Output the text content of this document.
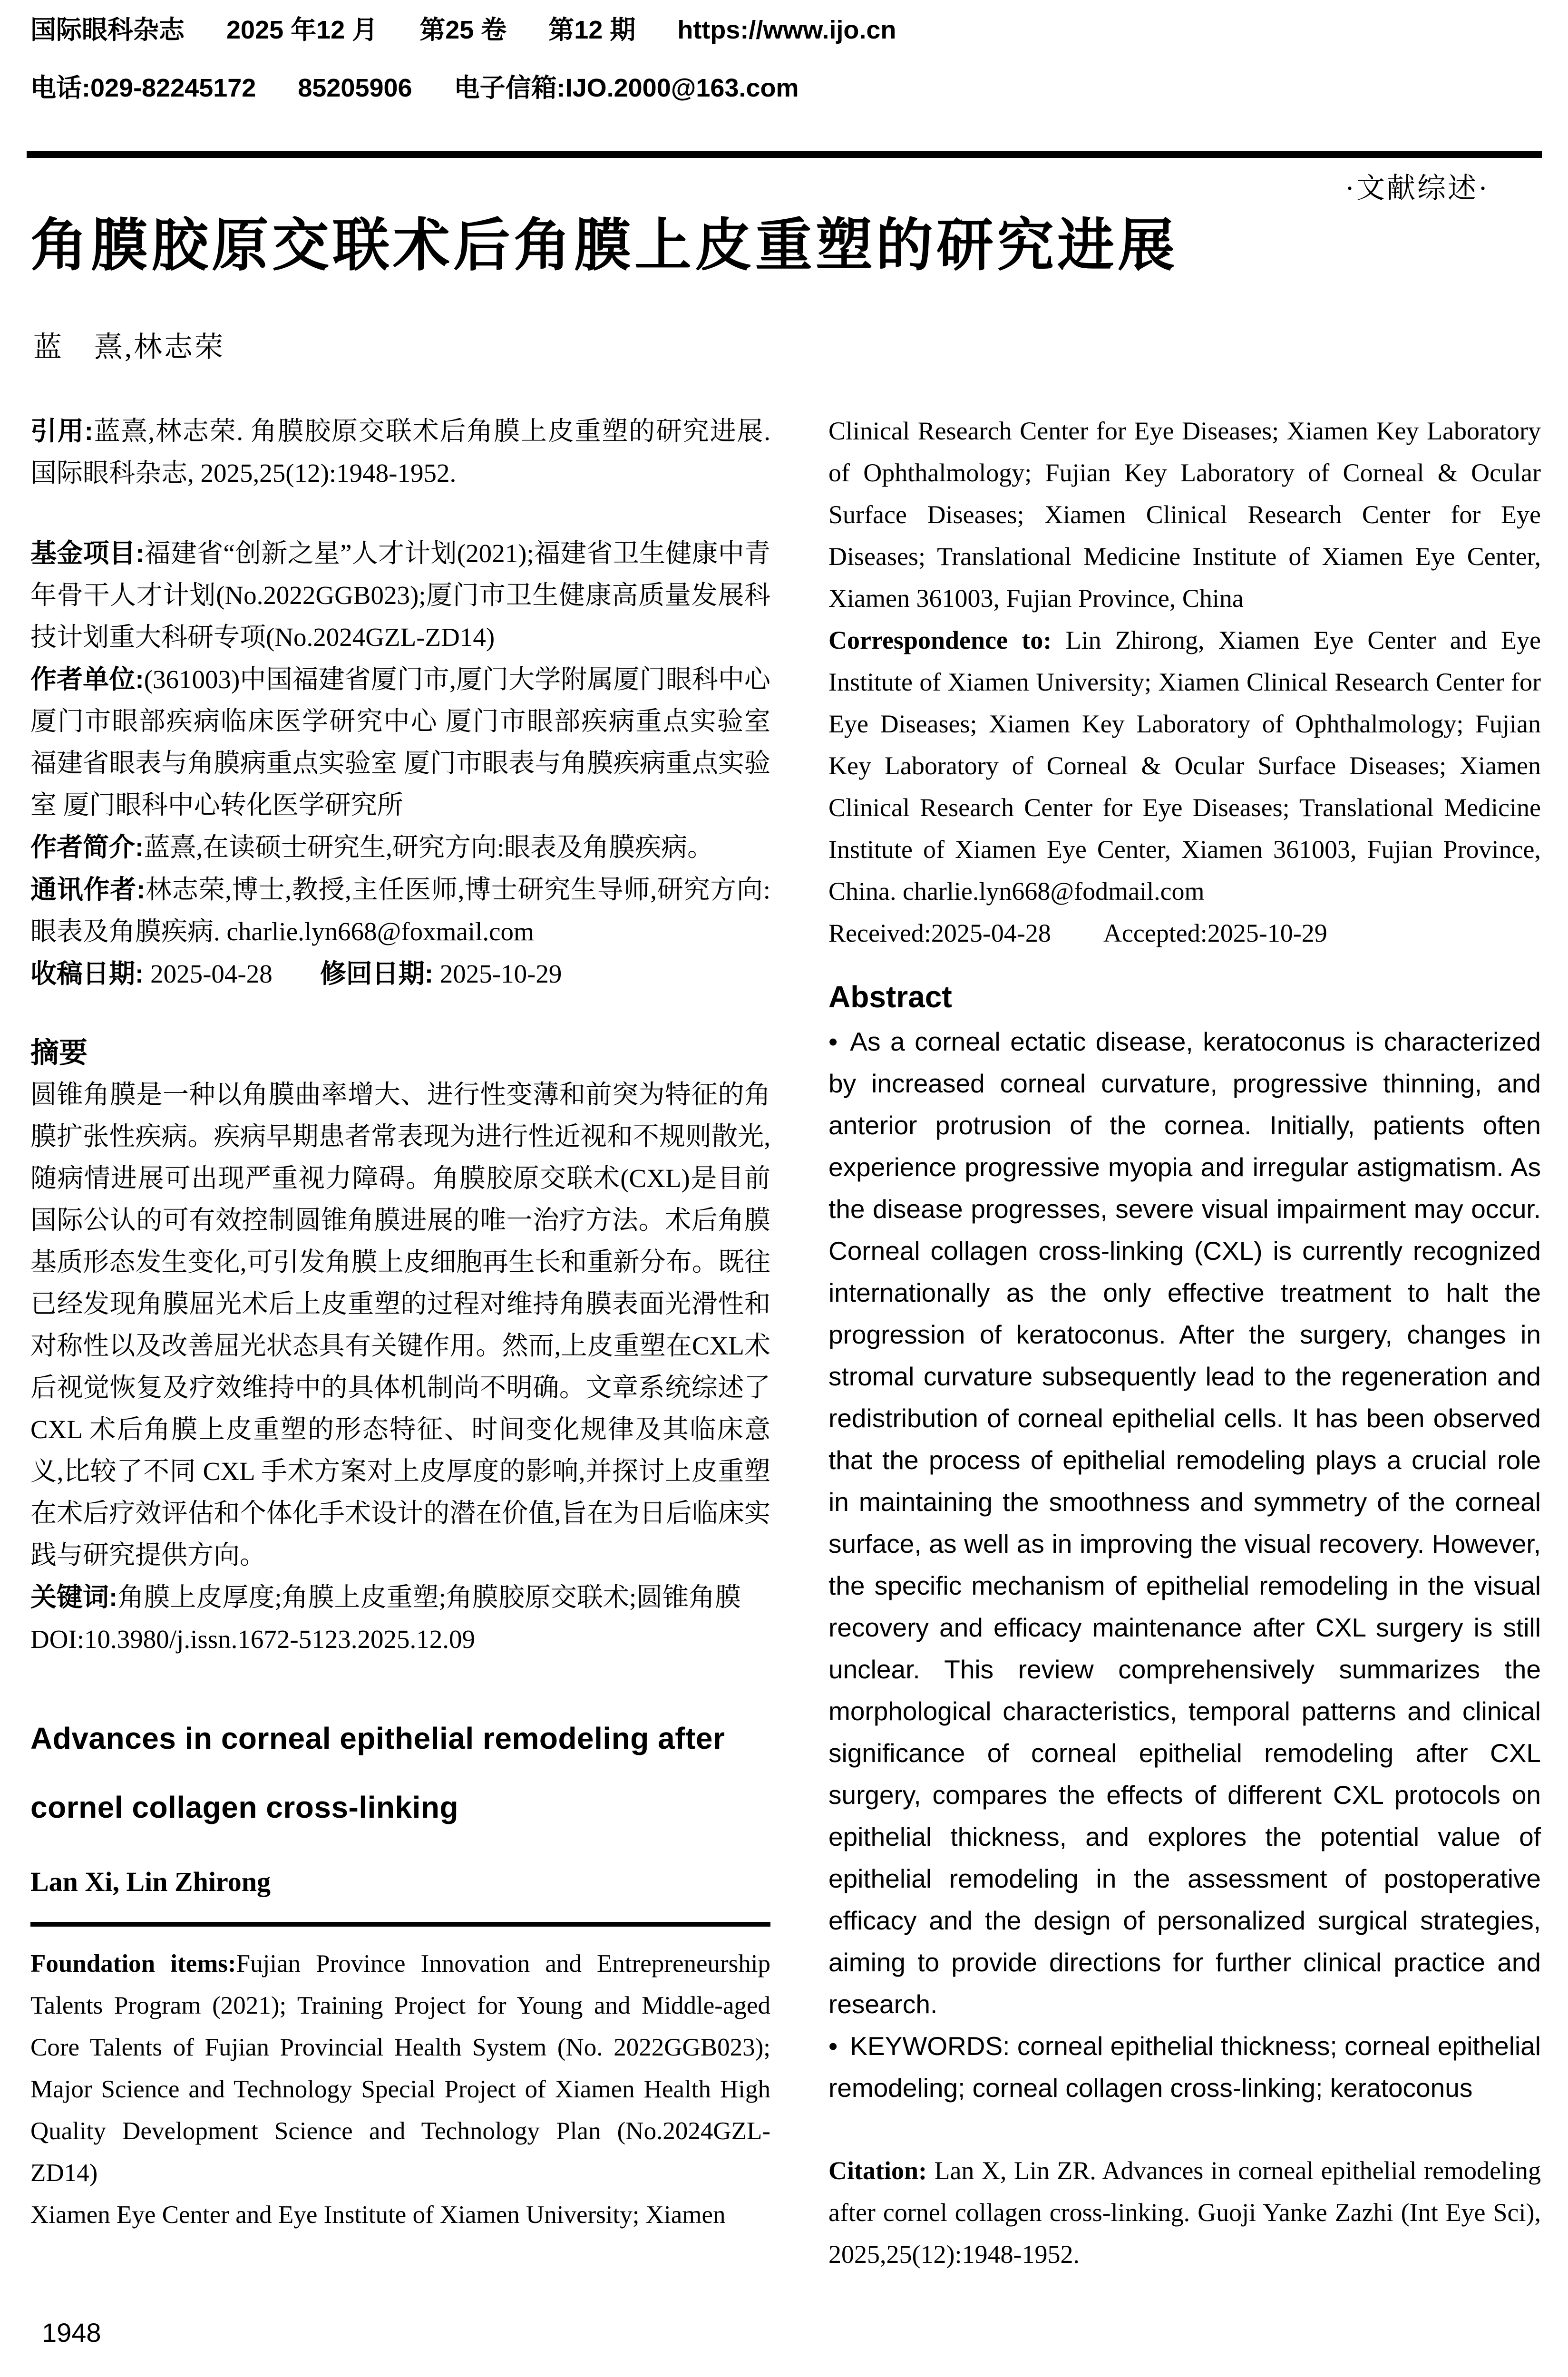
国际眼科杂志 2025 年12 月 第25 卷 第12 期 https://www.ijo.cn
电话:029-82245172 85205906 电子信箱:IJO.2000@163.com
·文献综述·
角膜胶原交联术后角膜上皮重塑的研究进展
蓝　熹,林志荣

引用:蓝熹,林志荣. 角膜胶原交联术后角膜上皮重塑的研究进展. 国际眼科杂志, 2025,25(12):1948-1952.

基金项目:福建省“创新之星”人才计划(2021);福建省卫生健康中青年骨干人才计划(No.2022GGB023);厦门市卫生健康高质量发展科技计划重大科研专项(No.2024GZL-ZD14)

作者单位:(361003)中国福建省厦门市,厦门大学附属厦门眼科中心 厦门市眼部疾病临床医学研究中心 厦门市眼部疾病重点实验室 福建省眼表与角膜病重点实验室 厦门市眼表与角膜疾病重点实验室 厦门眼科中心转化医学研究所

作者简介:蓝熹,在读硕士研究生,研究方向:眼表及角膜疾病。

通讯作者:林志荣,博士,教授,主任医师,博士研究生导师,研究方向:眼表及角膜疾病. charlie.lyn668@foxmail.com

收稿日期: 2025-04-28 修回日期: 2025-10-29

摘要

圆锥角膜是一种以角膜曲率增大、进行性变薄和前突为特征的角膜扩张性疾病。疾病早期患者常表现为进行性近视和不规则散光,随病情进展可出现严重视力障碍。角膜胶原交联术(CXL)是目前国际公认的可有效控制圆锥角膜进展的唯一治疗方法。术后角膜基质形态发生变化,可引发角膜上皮细胞再生长和重新分布。既往已经发现角膜屈光术后上皮重塑的过程对维持角膜表面光滑性和对称性以及改善屈光状态具有关键作用。然而,上皮重塑在CXL术后视觉恢复及疗效维持中的具体机制尚不明确。文章系统综述了 CXL 术后角膜上皮重塑的形态特征、时间变化规律及其临床意义,比较了不同 CXL 手术方案对上皮厚度的影响,并探讨上皮重塑在术后疗效评估和个体化手术设计的潜在价值,旨在为日后临床实践与研究提供方向。

关键词:角膜上皮厚度;角膜上皮重塑;角膜胶原交联术;圆锥角膜

DOI:10.3980/j.issn.1672-5123.2025.12.09

Advances in corneal epithelial remodeling after cornel collagen cross-linking
Lan Xi, Lin Zhirong

Foundation items:Fujian Province Innovation and Entrepreneurship Talents Program (2021); Training Project for Young and Middle-aged Core Talents of Fujian Provincial Health System (No. 2022GGB023); Major Science and Technology Special Project of Xiamen Health High Quality Development Science and Technology Plan (No.2024GZL-ZD14)

Xiamen Eye Center and Eye Institute of Xiamen University; Xiamen

Clinical Research Center for Eye Diseases; Xiamen Key Laboratory of Ophthalmology; Fujian Key Laboratory of Corneal & Ocular Surface Diseases; Xiamen Clinical Research Center for Eye Diseases; Translational Medicine Institute of Xiamen Eye Center, Xiamen 361003, Fujian Province, China

Correspondence to: Lin Zhirong, Xiamen Eye Center and Eye Institute of Xiamen University; Xiamen Clinical Research Center for Eye Diseases; Xiamen Key Laboratory of Ophthalmology; Fujian Key Laboratory of Corneal & Ocular Surface Diseases; Xiamen Clinical Research Center for Eye Diseases; Translational Medicine Institute of Xiamen Eye Center, Xiamen 361003, Fujian Province, China. charlie.lyn668@fodmail.com

Received:2025-04-28 Accepted:2025-10-29

Abstract

• As a corneal ectatic disease, keratoconus is characterized by increased corneal curvature, progressive thinning, and anterior protrusion of the cornea. Initially, patients often experience progressive myopia and irregular astigmatism. As the disease progresses, severe visual impairment may occur. Corneal collagen cross-linking (CXL) is currently recognized internationally as the only effective treatment to halt the progression of keratoconus. After the surgery, changes in stromal curvature subsequently lead to the regeneration and redistribution of corneal epithelial cells. It has been observed that the process of epithelial remodeling plays a crucial role in maintaining the smoothness and symmetry of the corneal surface, as well as in improving the visual recovery. However, the specific mechanism of epithelial remodeling in the visual recovery and efficacy maintenance after CXL surgery is still unclear. This review comprehensively summarizes the morphological characteristics, temporal patterns and clinical significance of corneal epithelial remodeling after CXL surgery, compares the effects of different CXL protocols on epithelial thickness, and explores the potential value of epithelial remodeling in the assessment of postoperative efficacy and the design of personalized surgical strategies, aiming to provide directions for further clinical practice and research.

• KEYWORDS: corneal epithelial thickness; corneal epithelial remodeling; corneal collagen cross-linking; keratoconus

Citation: Lan X, Lin ZR. Advances in corneal epithelial remodeling after cornel collagen cross-linking. Guoji Yanke Zazhi (Int Eye Sci), 2025,25(12):1948-1952.

1948
